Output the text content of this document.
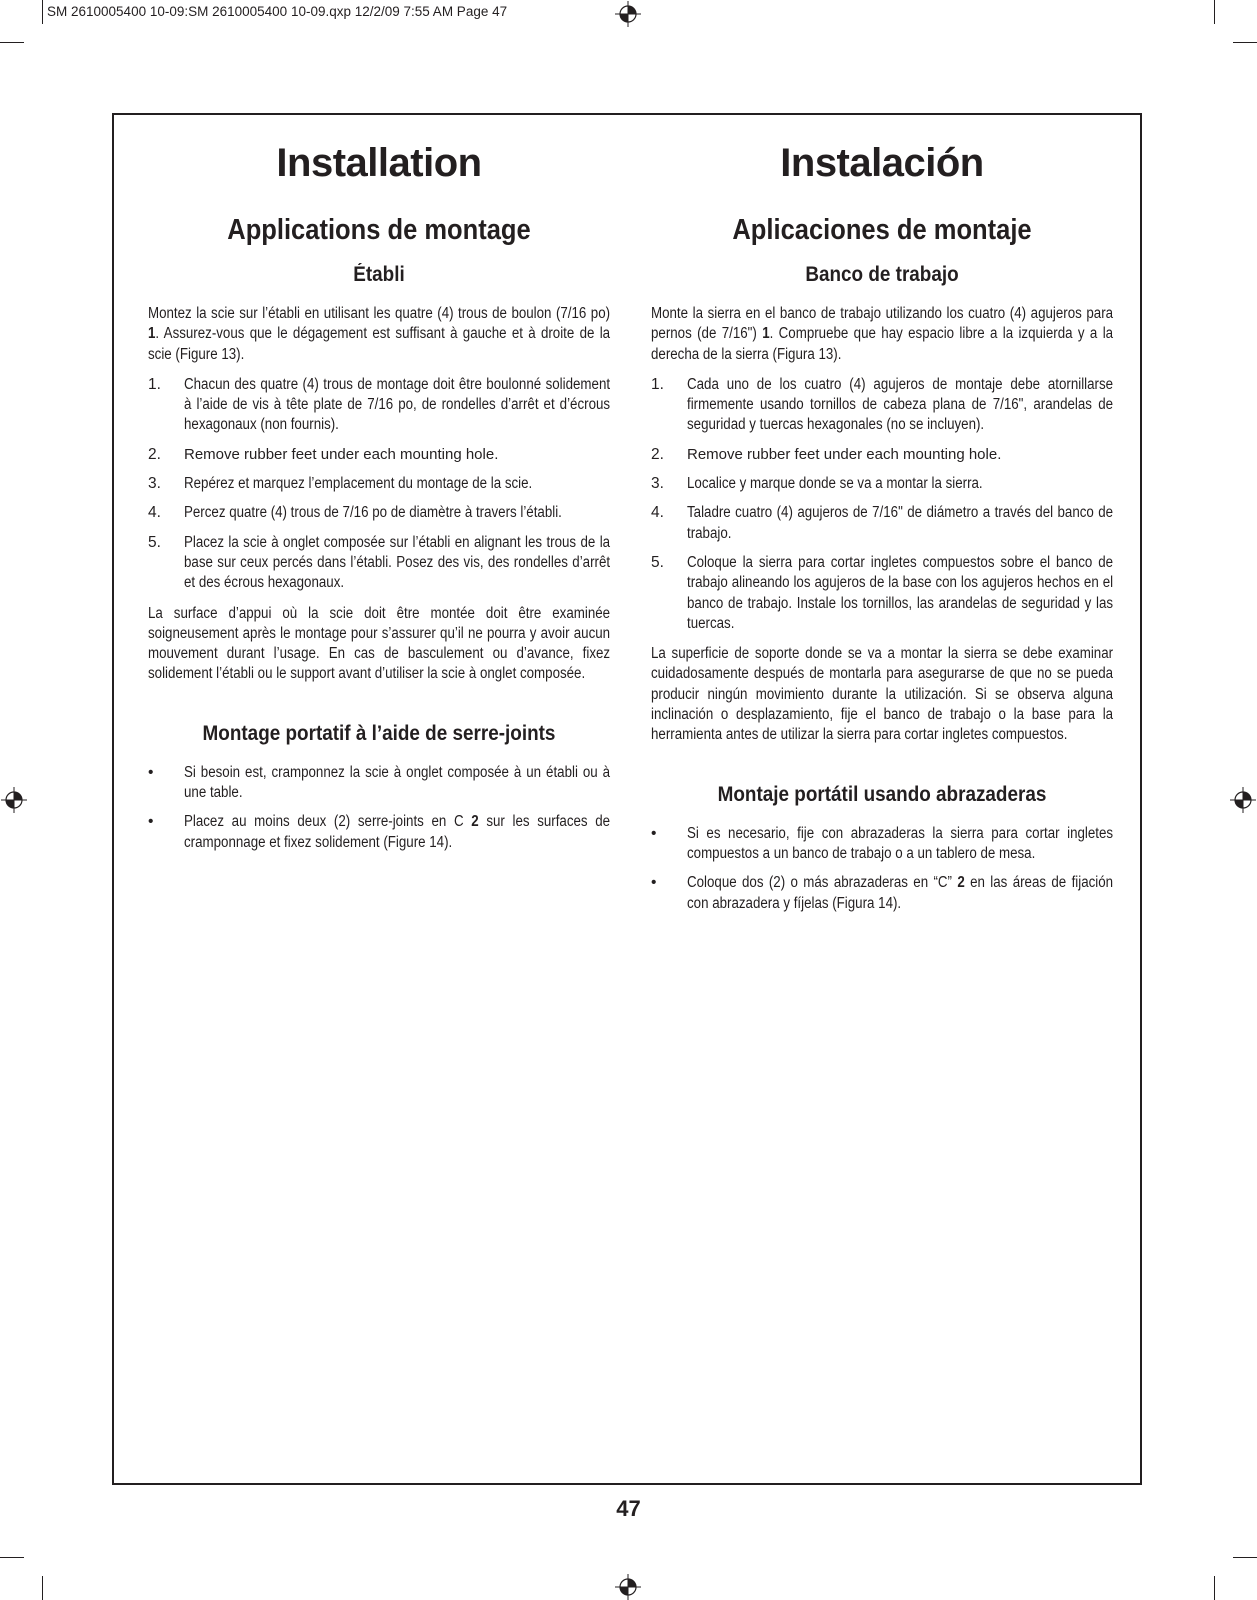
SM 2610005400 10-09:SM 2610005400 10-09.qxp 12/2/09 7:55 AM Page 47
Installation
Applications de montage
Établi

Montez la scie sur l’établi en utilisant les quatre (4) trous de boulon (7/16 po) 1. Assurez-vous que le dégagement est suffisant à gauche et à droite de la scie (Figure 13).

1. Chacun des quatre (4) trous de montage doit être boulonné solidement à l’aide de vis à tête plate de 7/16 po, de rondelles d’arrêt et d’écrous hexagonaux (non fournis).
2. Remove rubber feet under each mounting hole.
3. Repérez et marquez l’emplacement du montage de la scie.
4. Percez quatre (4) trous de 7/16 po de diamètre à travers l’établi.
5. Placez la scie à onglet composée sur l’établi en alignant les trous de la base sur ceux percés dans l’établi. Posez des vis, des rondelles d’arrêt et des écrous hexagonaux.

La surface d’appui où la scie doit être montée doit être examinée soigneusement après le montage pour s’assurer qu’il ne pourra y avoir aucun mouvement durant l’usage. En cas de basculement ou d’avance, fixez solidement l’établi ou le support avant d’utiliser la scie à onglet composée.

Montage portatif à l’aide de serre-joints
• Si besoin est, cramponnez la scie à onglet composée à un établi ou à une table.
• Placez au moins deux (2) serre-joints en C 2 sur les surfaces de cramponnage et fixez solidement (Figure 14).
Instalación
Aplicaciones de montaje
Banco de trabajo

Monte la sierra en el banco de trabajo utilizando los cuatro (4) agujeros para pernos (de 7/16") 1. Compruebe que hay espacio libre a la izquierda y a la derecha de la sierra (Figura 13).

1. Cada uno de los cuatro (4) agujeros de montaje debe atornillarse firmemente usando tornillos de cabeza plana de 7/16", arandelas de seguridad y tuercas hexagonales (no se incluyen).
2. Remove rubber feet under each mounting hole.
3. Localice y marque donde se va a montar la sierra.
4. Taladre cuatro (4) agujeros de 7/16" de diámetro a través del banco de trabajo.
5. Coloque la sierra para cortar ingletes compuestos sobre el banco de trabajo alineando los agujeros de la base con los agujeros hechos en el banco de trabajo. Instale los tornillos, las arandelas de seguridad y las tuercas.

La superficie de soporte donde se va a montar la sierra se debe examinar cuidadosamente después de montarla para asegurarse de que no se pueda producir ningún movimiento durante la utilización. Si se observa alguna inclinación o desplazamiento, fije el banco de trabajo o la base para la herramienta antes de utilizar la sierra para cortar ingletes compuestos.

Montaje portátil usando abrazaderas
• Si es necesario, fije con abrazaderas la sierra para cortar ingletes compuestos a un banco de trabajo o a un tablero de mesa.
• Coloque dos (2) o más abrazaderas en “C” 2 en las áreas de fijación con abrazadera y fíjelas (Figura 14).
47
